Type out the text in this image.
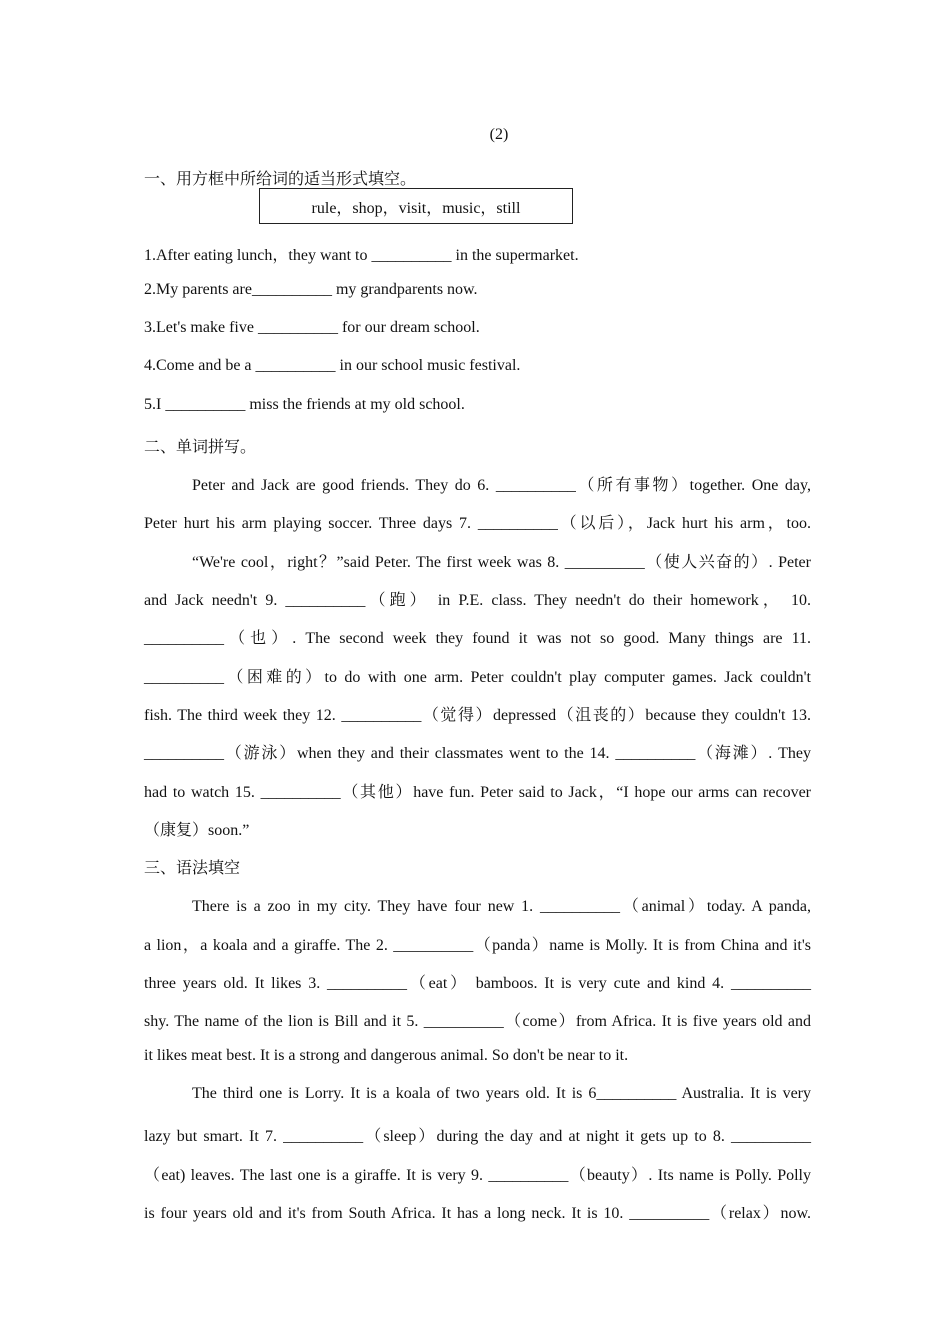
(2)
一、用方框中所给词的适当形式填空。
rule，shop，visit，music，still
1.After eating lunch，they want to __________ in the supermarket.
2.My parents are__________ my grandparents now.
3.Let's make five __________ for our dream school.
4.Come and be a __________ in our school music festival.
5.I __________ miss the friends at my old school.
二、单词拼写。
Peter and Jack are good friends. They do 6. __________（所有事物）together. One day,
Peter hurt his arm playing soccer. Three days 7. __________（以后），Jack hurt his arm，too.
“We're cool，right？”said Peter. The first week was 8. __________（使人兴奋的）. Peter
and Jack needn't 9. __________（跑） in P.E. class. They needn't do their homework， 10.
__________（也）. The second week they found it was not so good. Many things are 11.
__________（困难的）to do with one arm. Peter couldn't play computer games. Jack couldn't
fish. The third week they 12. __________（觉得）depressed（沮丧的）because they couldn't 13.
__________（游泳）when they and their classmates went to the 14. __________（海滩）. They
had to watch 15. __________（其他）have fun. Peter said to Jack，“I hope our arms can recover
（康复）soon.”
三、语法填空
There is a zoo in my city. They have four new 1. __________（animal）today. A panda,
a lion，a koala and a giraffe. The 2. __________（panda）name is Molly. It is from China and it's
three years old. It likes 3. __________（eat） bamboos. It is very cute and kind 4. __________
shy. The name of the lion is Bill and it 5. __________（come）from Africa. It is five years old and
it likes meat best. It is a strong and dangerous animal. So don't be near to it.
The third one is Lorry. It is a koala of two years old. It is 6__________ Australia. It is very
lazy but smart. It 7. __________（sleep）during the day and at night it gets up to 8. __________
（eat) leaves. The last one is a giraffe. It is very 9. __________（beauty）. Its name is Polly. Polly
is four years old and it's from South Africa. It has a long neck. It is 10. __________（relax）now.
